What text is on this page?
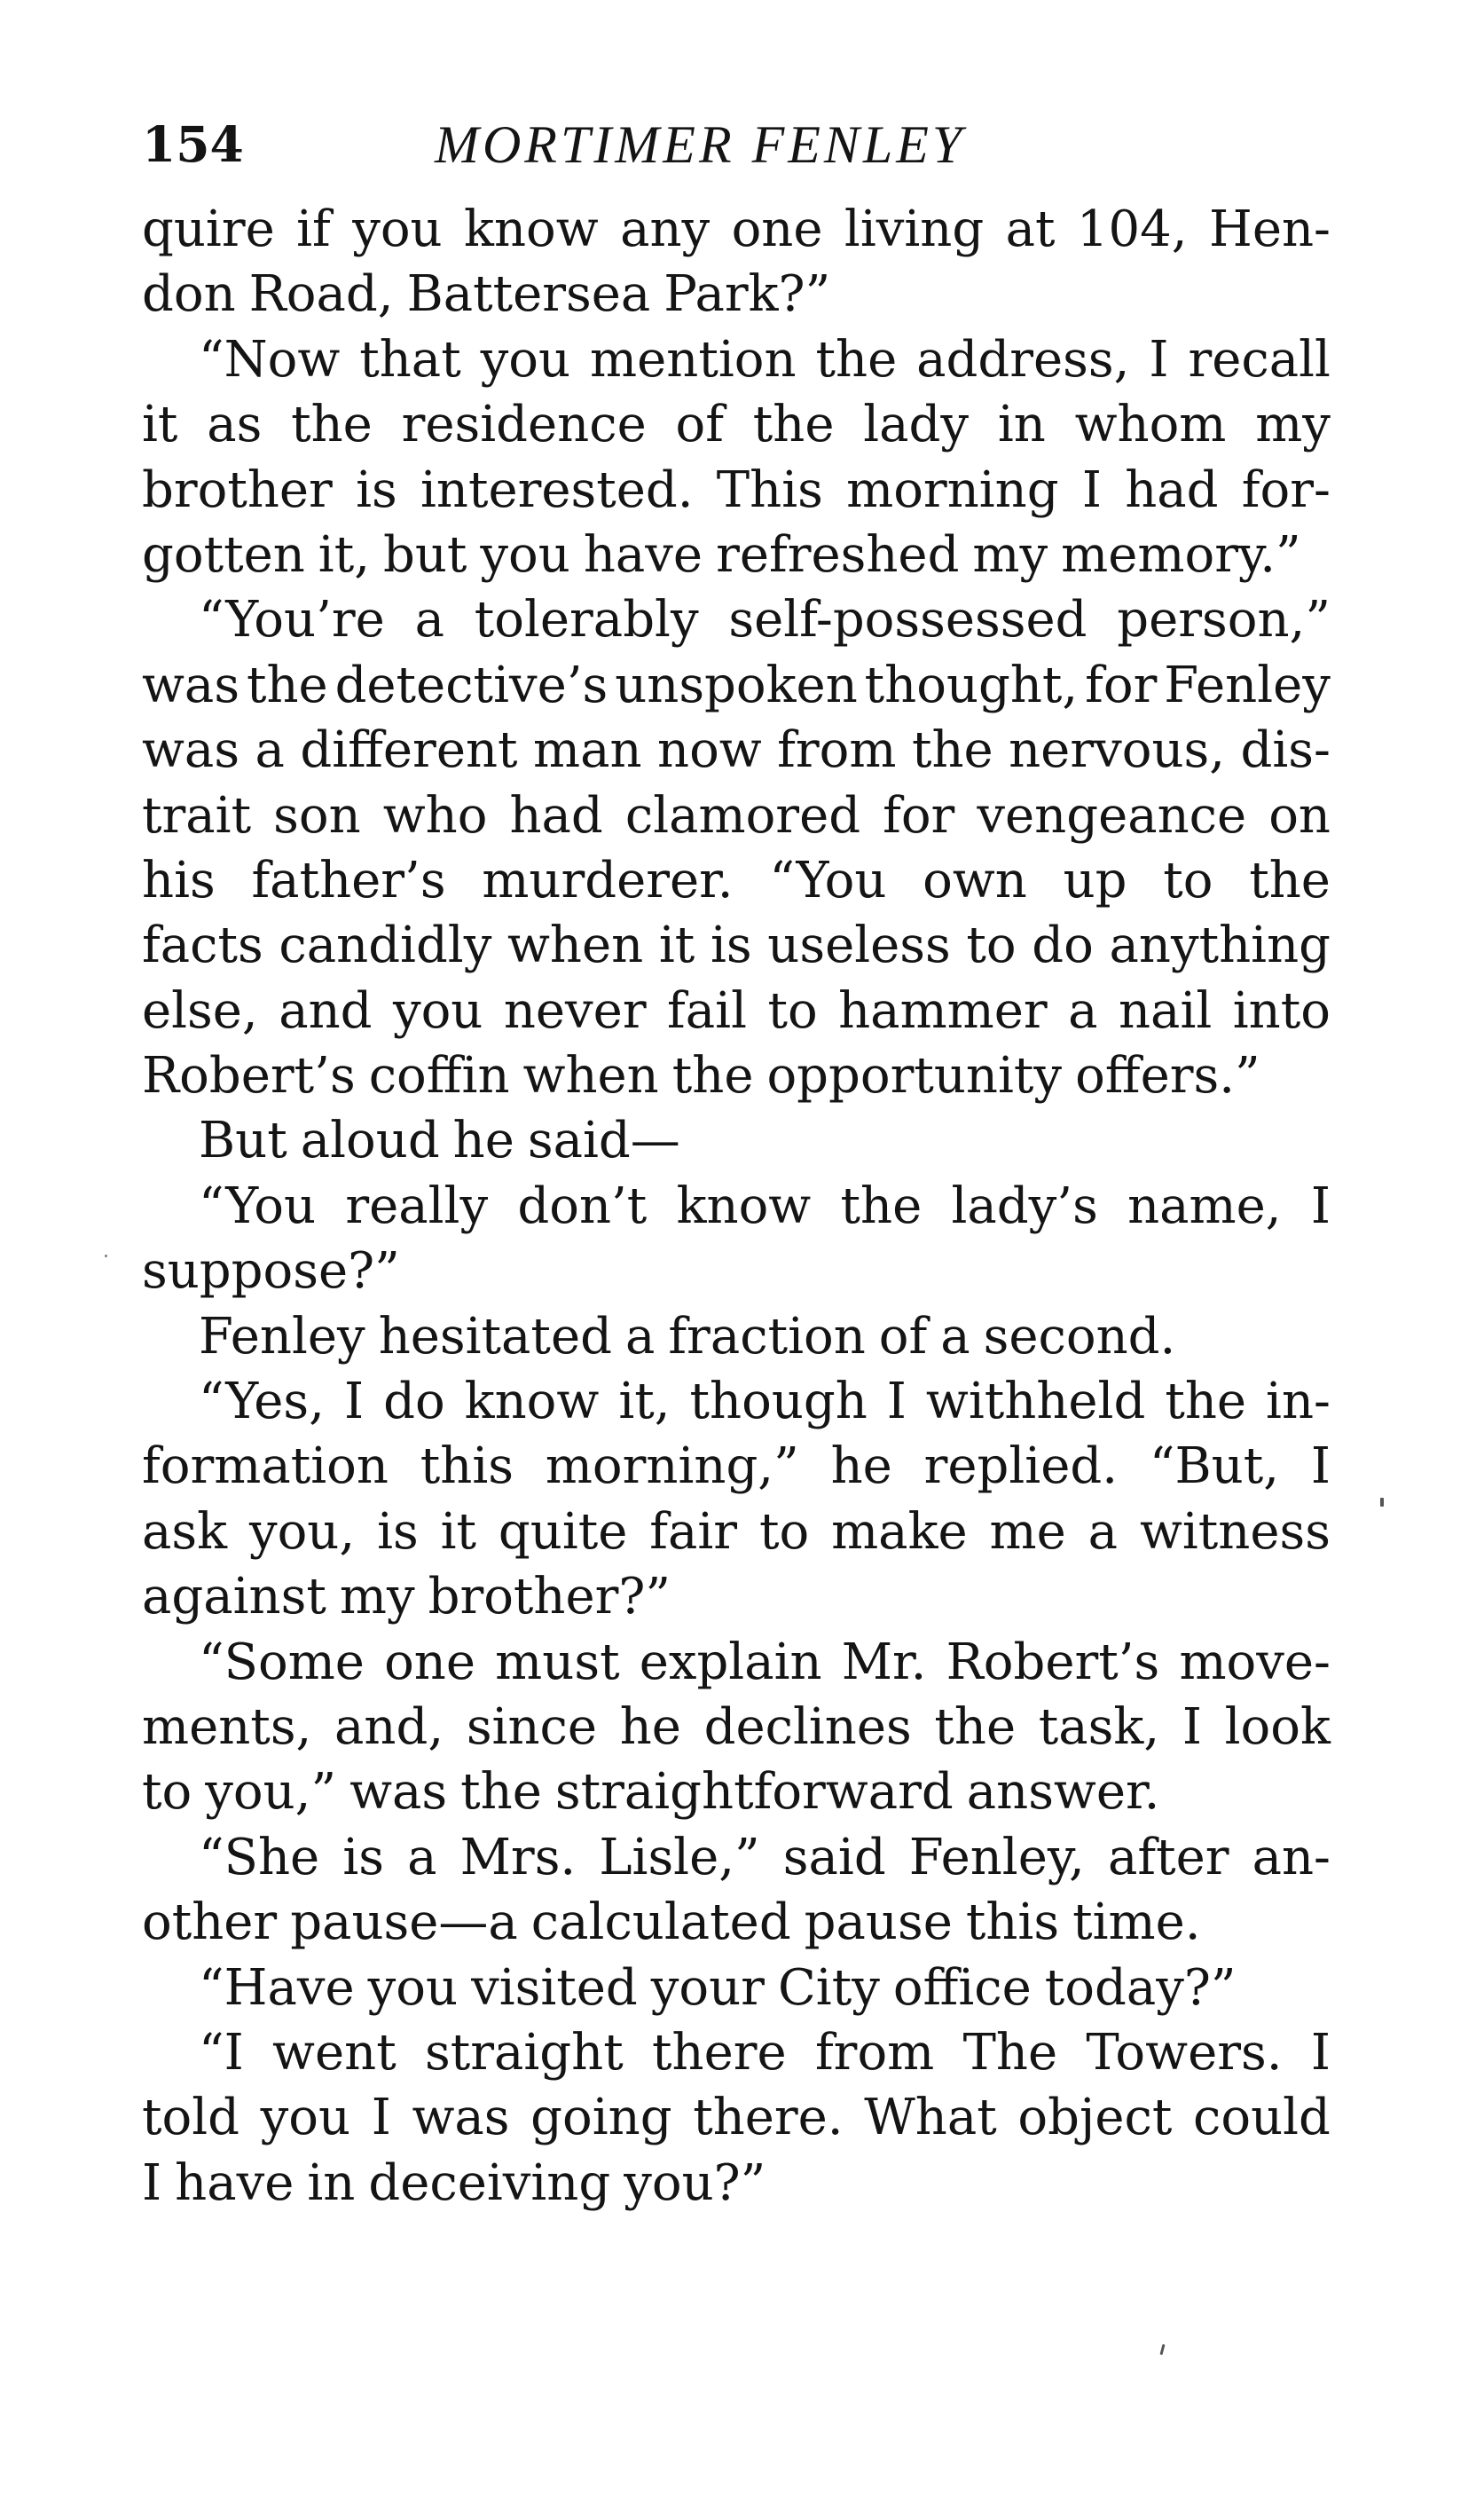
154	MORTIMER FENLEY
quire if you know any one living at 104, Hen-
don Road, Battersea Park?”
“Now that you mention the address, I recall
it as the residence of the lady in whom my
brother is interested. This morning I had for-
gotten it, but you have refreshed my memory.”
“You’re a tolerably self-possessed person,”
was the detective’s unspoken thought, for Fenley
was a different man now from the nervous, dis-
trait son who had clamored for vengeance on
his father’s murderer. “You own up to the
facts candidly when it is useless to do anything
else, and you never fail to hammer a nail into
Robert’s coffin when the opportunity offers.”
But aloud he said—
“You really don’t know the lady’s name, I
suppose?”
Fenley hesitated a fraction of a second.
“Yes, I do know it, though I withheld the in-
formation this morning,” he replied. “But, I
ask you, is it quite fair to make me a witness
against my brother?”
“Some one must explain Mr. Robert’s move-
ments, and, since he declines the task, I look
to you,” was the straightforward answer.
“She is a Mrs. Lisle,” said Fenley, after an-
other pause—a calculated pause this time.
“Have you visited your City office today?”
“I went straight there from The Towers. I
told you I was going there. What object could
I have in deceiving you?”
